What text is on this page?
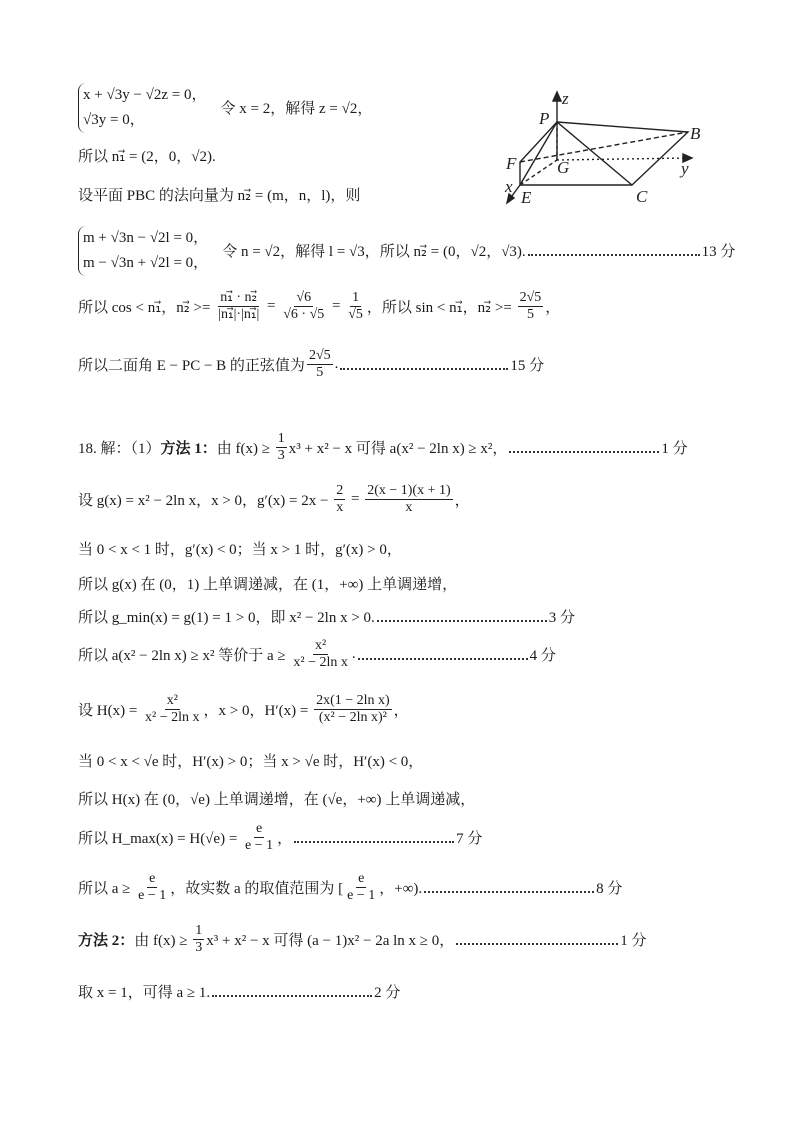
P
B
F G
E	C
y
x
z
x + √3y − √2z = 0，
√3y = 0，
令 x = 2，解得 z = √2，
所以 n₁⃗ = (2，0，√2).
设平面 PBC 的法向量为 n₂⃗ = (m，n，l)，则
m + √3n − √2l = 0，
m − √3n + √2l = 0，
令 n = √2，解得 l = √3，所以 n₂⃗ = (0，√2，√3).	13 分
所以 cos < n₁⃗，n₂⃗ >= $\frac{\text{n₁⃗ · n₂⃗}}{\text{|n₁⃗|·|n₁⃗|}} = \frac{√6}{√6 \cdot √5} = \frac{1}{√5}$ ，所以 sin < n₁⃗，n₂⃗ >= $\frac{2√5}{5}$ ，
所以二面角 E − PC − B 的正弦值为 $\frac{2√5}{5}$ .	15 分
18. 解：（1） 方法 1： 由 $f(x) \ge \frac{1}{3} x^3 + x^2 - x$ 可得 a(x² − 2ln x) ≥ x²，	1 分
设 g(x) = x² − 2ln x，x > 0，$g'(x) = 2x - \frac{2}{x} = \frac{2(x - 1)(x + 1)}{x}$ ，
当 0 < x < 1 时，g′(x) < 0；当 x > 1 时，g′(x) > 0，
所以 g(x) 在 (0，1) 上单调递减，在 (1，+∞) 上单调递增，
所以 g_min(x) = g(1) = 1 > 0，即 x² − 2ln x > 0.	3 分
所以 a(x² − 2ln x) ≥ x² 等价于 $a \ge \frac{\text{x²}}{\text{x² − 2ln x}}$ .	4 分
设 $H(x) = \frac{\text{x²}}{\text{x² − 2ln x}}$ ，x > 0，$H'(x) = \frac{\text{2x(1 − 2ln x)}}{\text{(x² − 2ln x)²}}$ ，
当 0 < x < √e 时，H′(x) > 0；当 x > √e 时，H′(x) < 0，
所以 H(x) 在 (0，√e) 上单调递增，在 (√e，+∞) 上单调递减，
所以 H_max(x) = $H(√e) = \frac{e}{e - 1}$ ，	7 分
所以 $a \ge \frac{e}{e - 1}$ ，故实数 a 的取值范围为 [ $\frac{e}{e - 1}$ ，+∞).	8 分
方法 2： 由 $f(x) \ge \frac{1}{3} x^3 + x^2 - x$ 可得 (a − 1)x² − 2a ln x ≥ 0，	1 分
取 x = 1，可得 a ≥ 1.	2 分
